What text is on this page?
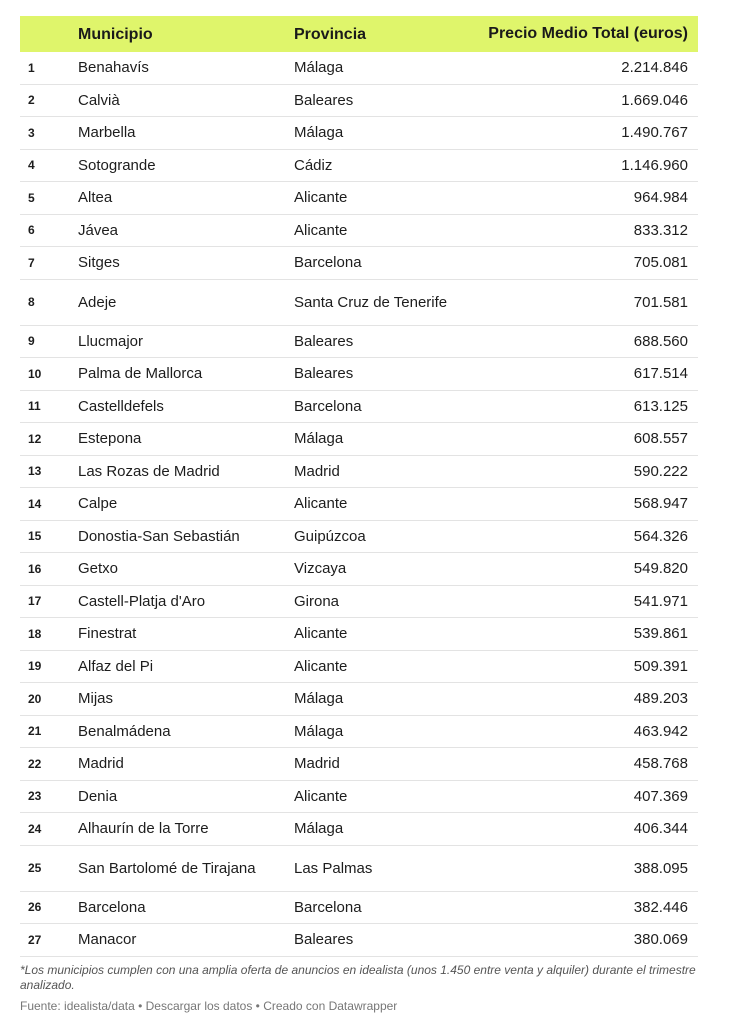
Municipio	Provincia	Precio Medio Total (euros)
1	Benahavís	Málaga	2.214.846
2	Calvià	Baleares	1.669.046
3	Marbella	Málaga	1.490.767
4	Sotogrande	Cádiz	1.146.960
5	Altea	Alicante	964.984
6	Jávea	Alicante	833.312
7	Sitges	Barcelona	705.081
8	Adeje	Santa Cruz de Tenerife	701.581
9	Llucmajor	Baleares	688.560
10	Palma de Mallorca	Baleares	617.514
11	Castelldefels	Barcelona	613.125
12	Estepona	Málaga	608.557
13	Las Rozas de Madrid	Madrid	590.222
14	Calpe	Alicante	568.947
15	Donostia-San Sebastián	Guipúzcoa	564.326
16	Getxo	Vizcaya	549.820
17	Castell-Platja d'Aro	Girona	541.971
18	Finestrat	Alicante	539.861
19	Alfaz del Pi	Alicante	509.391
20	Mijas	Málaga	489.203
21	Benalmádena	Málaga	463.942
22	Madrid	Madrid	458.768
23	Denia	Alicante	407.369
24	Alhaurín de la Torre	Málaga	406.344
25	San Bartolomé de Tirajana	Las Palmas	388.095
26	Barcelona	Barcelona	382.446
27	Manacor	Baleares	380.069
*Los municipios cumplen con una amplia oferta de anuncios en idealista (unos 1.450 entre venta y alquiler) durante el trimestre analizado.
Fuente: idealista/data • Descargar los datos • Creado con Datawrapper
